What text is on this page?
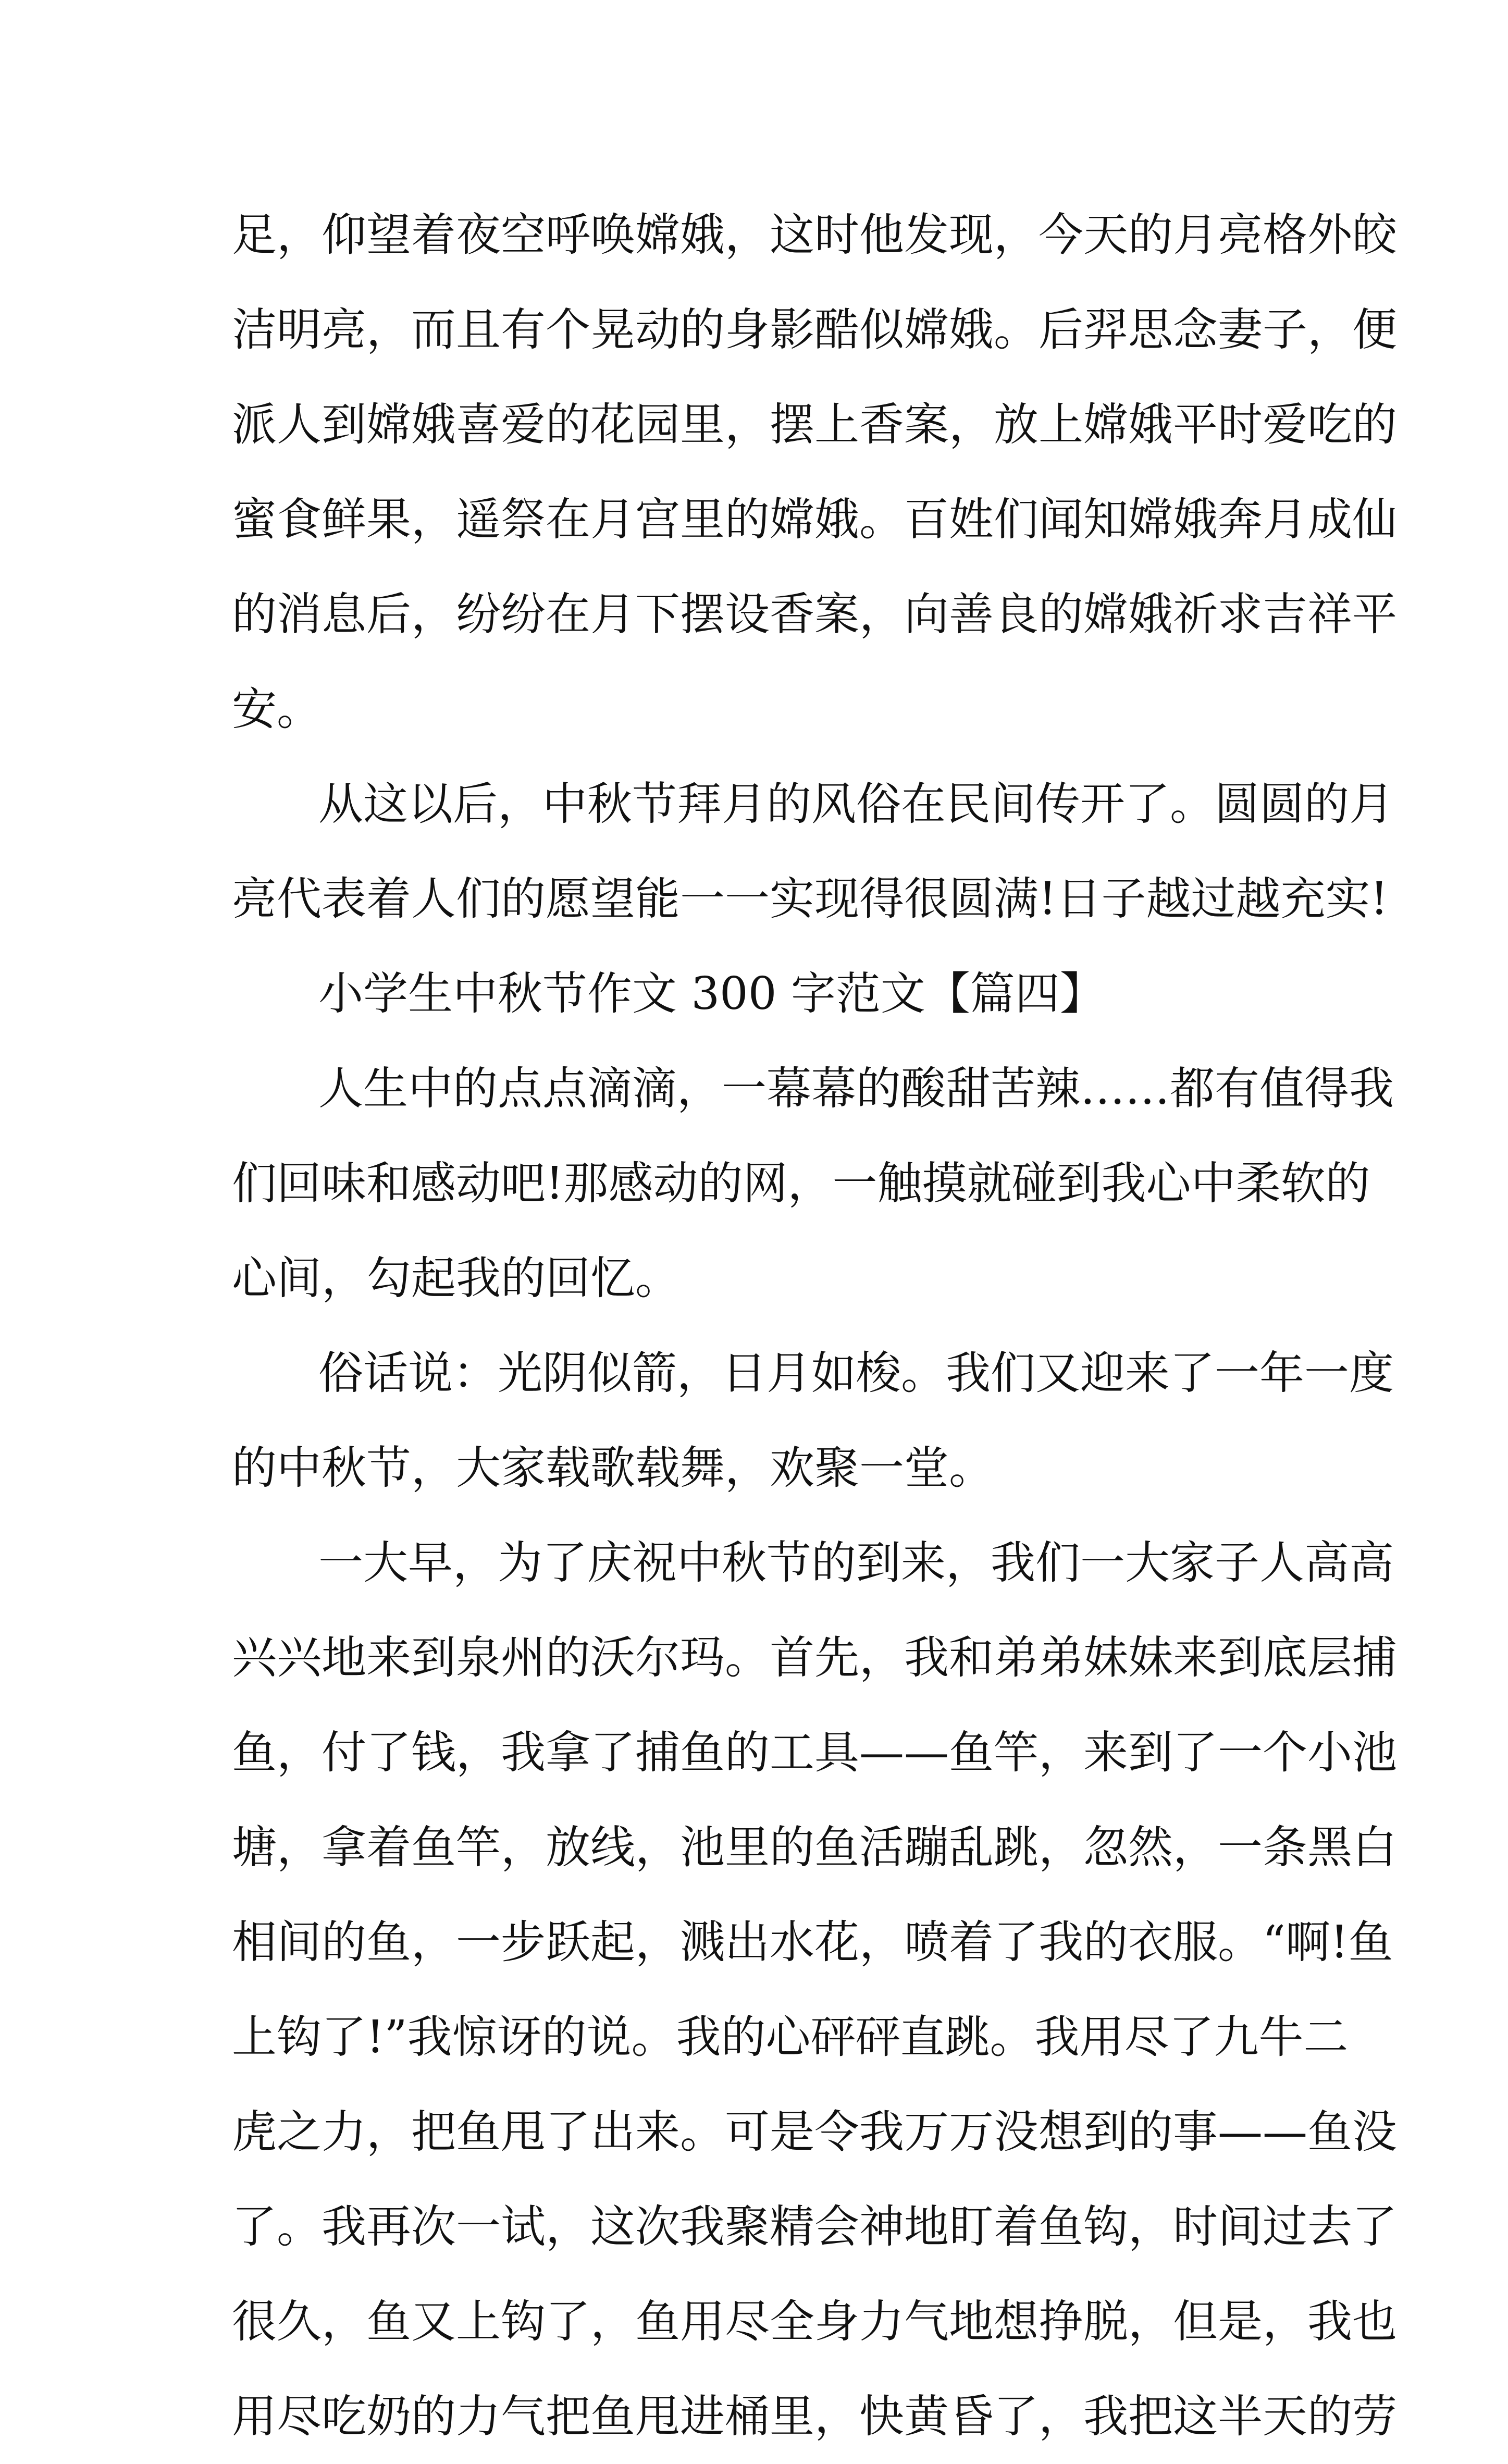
足，仰望着夜空呼唤嫦娥，这时他发现，今天的月亮格外皎
洁明亮，而且有个晃动的身影酷似嫦娥。后羿思念妻子，便
派人到嫦娥喜爱的花园里，摆上香案，放上嫦娥平时爱吃的
蜜食鲜果，遥祭在月宫里的嫦娥。百姓们闻知嫦娥奔月成仙
的消息后，纷纷在月下摆设香案，向善良的嫦娥祈求吉祥平
安。
从这以后，中秋节拜月的风俗在民间传开了。圆圆的月
亮代表着人们的愿望能一一实现得很圆满!日子越过越充实!
小学生中秋节作文 300 字范文【篇四】
人生中的点点滴滴，一幕幕的酸甜苦辣……都有值得我
们回味和感动吧!那感动的网，一触摸就碰到我心中柔软的
心间，勾起我的回忆。
俗话说：光阴似箭，日月如梭。我们又迎来了一年一度
的中秋节，大家载歌载舞，欢聚一堂。
一大早，为了庆祝中秋节的到来，我们一大家子人高高
兴兴地来到泉州的沃尔玛。首先，我和弟弟妹妹来到底层捕
鱼，付了钱，我拿了捕鱼的工具——鱼竿，来到了一个小池
塘，拿着鱼竿，放线，池里的鱼活蹦乱跳，忽然，一条黑白
相间的鱼，一步跃起，溅出水花，喷着了我的衣服。“啊!鱼
上钩了!”我惊讶的说。我的心砰砰直跳。我用尽了九牛二
虎之力，把鱼甩了出来。可是令我万万没想到的事——鱼没
了。我再次一试，这次我聚精会神地盯着鱼钩，时间过去了
很久，鱼又上钩了，鱼用尽全身力气地想挣脱，但是，我也
用尽吃奶的力气把鱼甩进桶里，快黄昏了，我把这半天的劳
